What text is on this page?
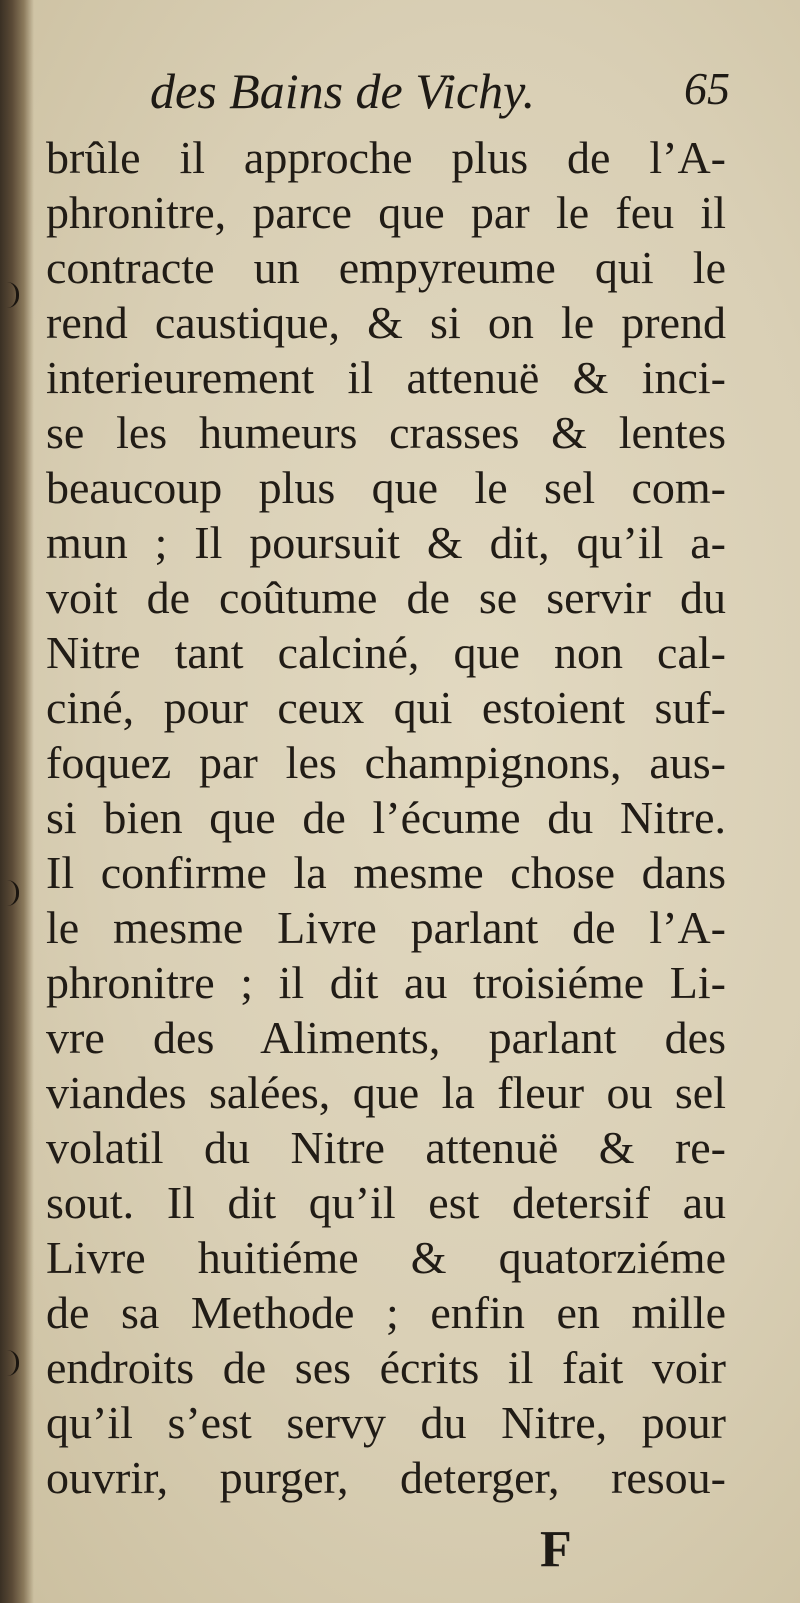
des Bains de Vichy.	65
brûle il approche plus de l’A-
phronitre, parce que par le feu il
contracte un empyreume qui le
rend caustique, & si on le prend
interieurement il attenuë & inci-
se les humeurs crasses & lentes
beaucoup plus que le sel com-
mun ; Il poursuit & dit, qu’il a-
voit de coûtume de se servir du
Nitre tant calciné, que non cal-
ciné, pour ceux qui estoient suf-
foquez par les champignons, aus-
si bien que de l’écume du Nitre.
Il confirme la mesme chose dans
le mesme Livre parlant de l’A-
phronitre ; il dit au troisiéme Li-
vre des Aliments, parlant des
viandes salées, que la fleur ou sel
volatil du Nitre attenuë & re-
sout. Il dit qu’il est detersif au
Livre huitiéme & quatorziéme
de sa Methode ; enfin en mille
endroits de ses écrits il fait voir
qu’il s’est servy du Nitre, pour
ouvrir, purger, deterger, resou-
F
